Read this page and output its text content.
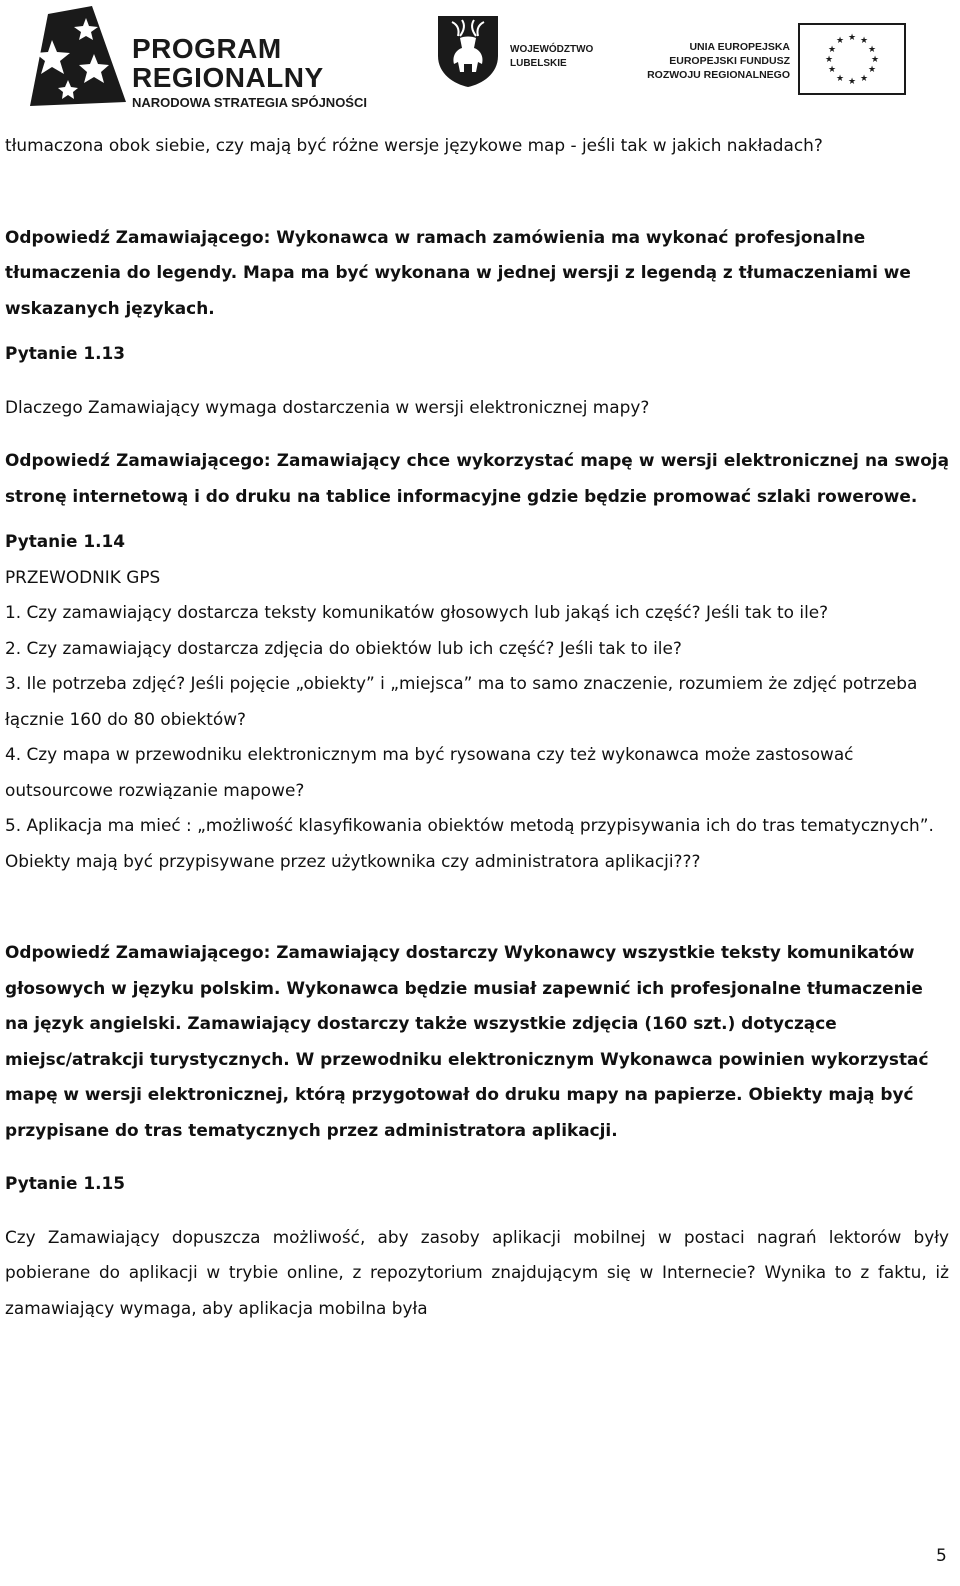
PROGRAM
REGIONALNY
NARODOWA STRATEGIA SPÓJNOŚCI
WOJEWÓDZTWO
LUBELSKIE
UNIA EUROPEJSKA
EUROPEJSKI FUNDUSZ
ROZWOJU REGIONALNEGO
★ ★
★
★
★
★
★
★
★
★
★
★

tłumaczona obok siebie, czy mają być różne wersje językowe map - jeśli tak w jakich nakładach?

Odpowiedź Zamawiającego: Wykonawca w ramach zamówienia ma wykonać profesjonalne tłumaczenia do legendy. Mapa ma być wykonana w jednej wersji z legendą z tłumaczeniami we wskazanych językach.

Pytanie 1.13

Dlaczego Zamawiający wymaga dostarczenia w wersji elektronicznej mapy?

Odpowiedź Zamawiającego: Zamawiający chce wykorzystać mapę w wersji elektronicznej na swoją stronę internetową i do druku na tablice informacyjne gdzie będzie promować szlaki rowerowe.

Pytanie 1.14

PRZEWODNIK GPS

1. Czy zamawiający dostarcza teksty komunikatów głosowych lub jakąś ich część? Jeśli tak to ile?

2. Czy zamawiający dostarcza zdjęcia do obiektów lub ich część? Jeśli tak to ile?

3. Ile potrzeba zdjęć? Jeśli pojęcie „obiekty” i „miejsca” ma to samo znaczenie, rozumiem że zdjęć potrzeba łącznie 160 do 80 obiektów?

4. Czy mapa w przewodniku elektronicznym ma być rysowana czy też wykonawca może zastosować outsourcowe rozwiązanie mapowe?

5. Aplikacja ma mieć : „możliwość klasyfikowania obiektów metodą przypisywania ich do tras tematycznych”. Obiekty mają być przypisywane przez użytkownika czy administratora aplikacji???

Odpowiedź Zamawiającego: Zamawiający dostarczy Wykonawcy wszystkie teksty komunikatów głosowych w języku polskim. Wykonawca będzie musiał zapewnić ich profesjonalne tłumaczenie na język angielski. Zamawiający dostarczy także wszystkie zdjęcia (160 szt.) dotyczące miejsc/atrakcji turystycznych. W przewodniku elektronicznym Wykonawca powinien wykorzystać mapę w wersji elektronicznej, którą przygotował do druku mapy na papierze. Obiekty mają być przypisane do tras tematycznych przez administratora aplikacji.

Pytanie 1.15

Czy Zamawiający dopuszcza możliwość, aby zasoby aplikacji mobilnej w postaci nagrań lektorów były pobierane do aplikacji w trybie online, z repozytorium znajdującym się w Internecie? Wynika to z faktu, iż zamawiający wymaga, aby aplikacja mobilna była

5
